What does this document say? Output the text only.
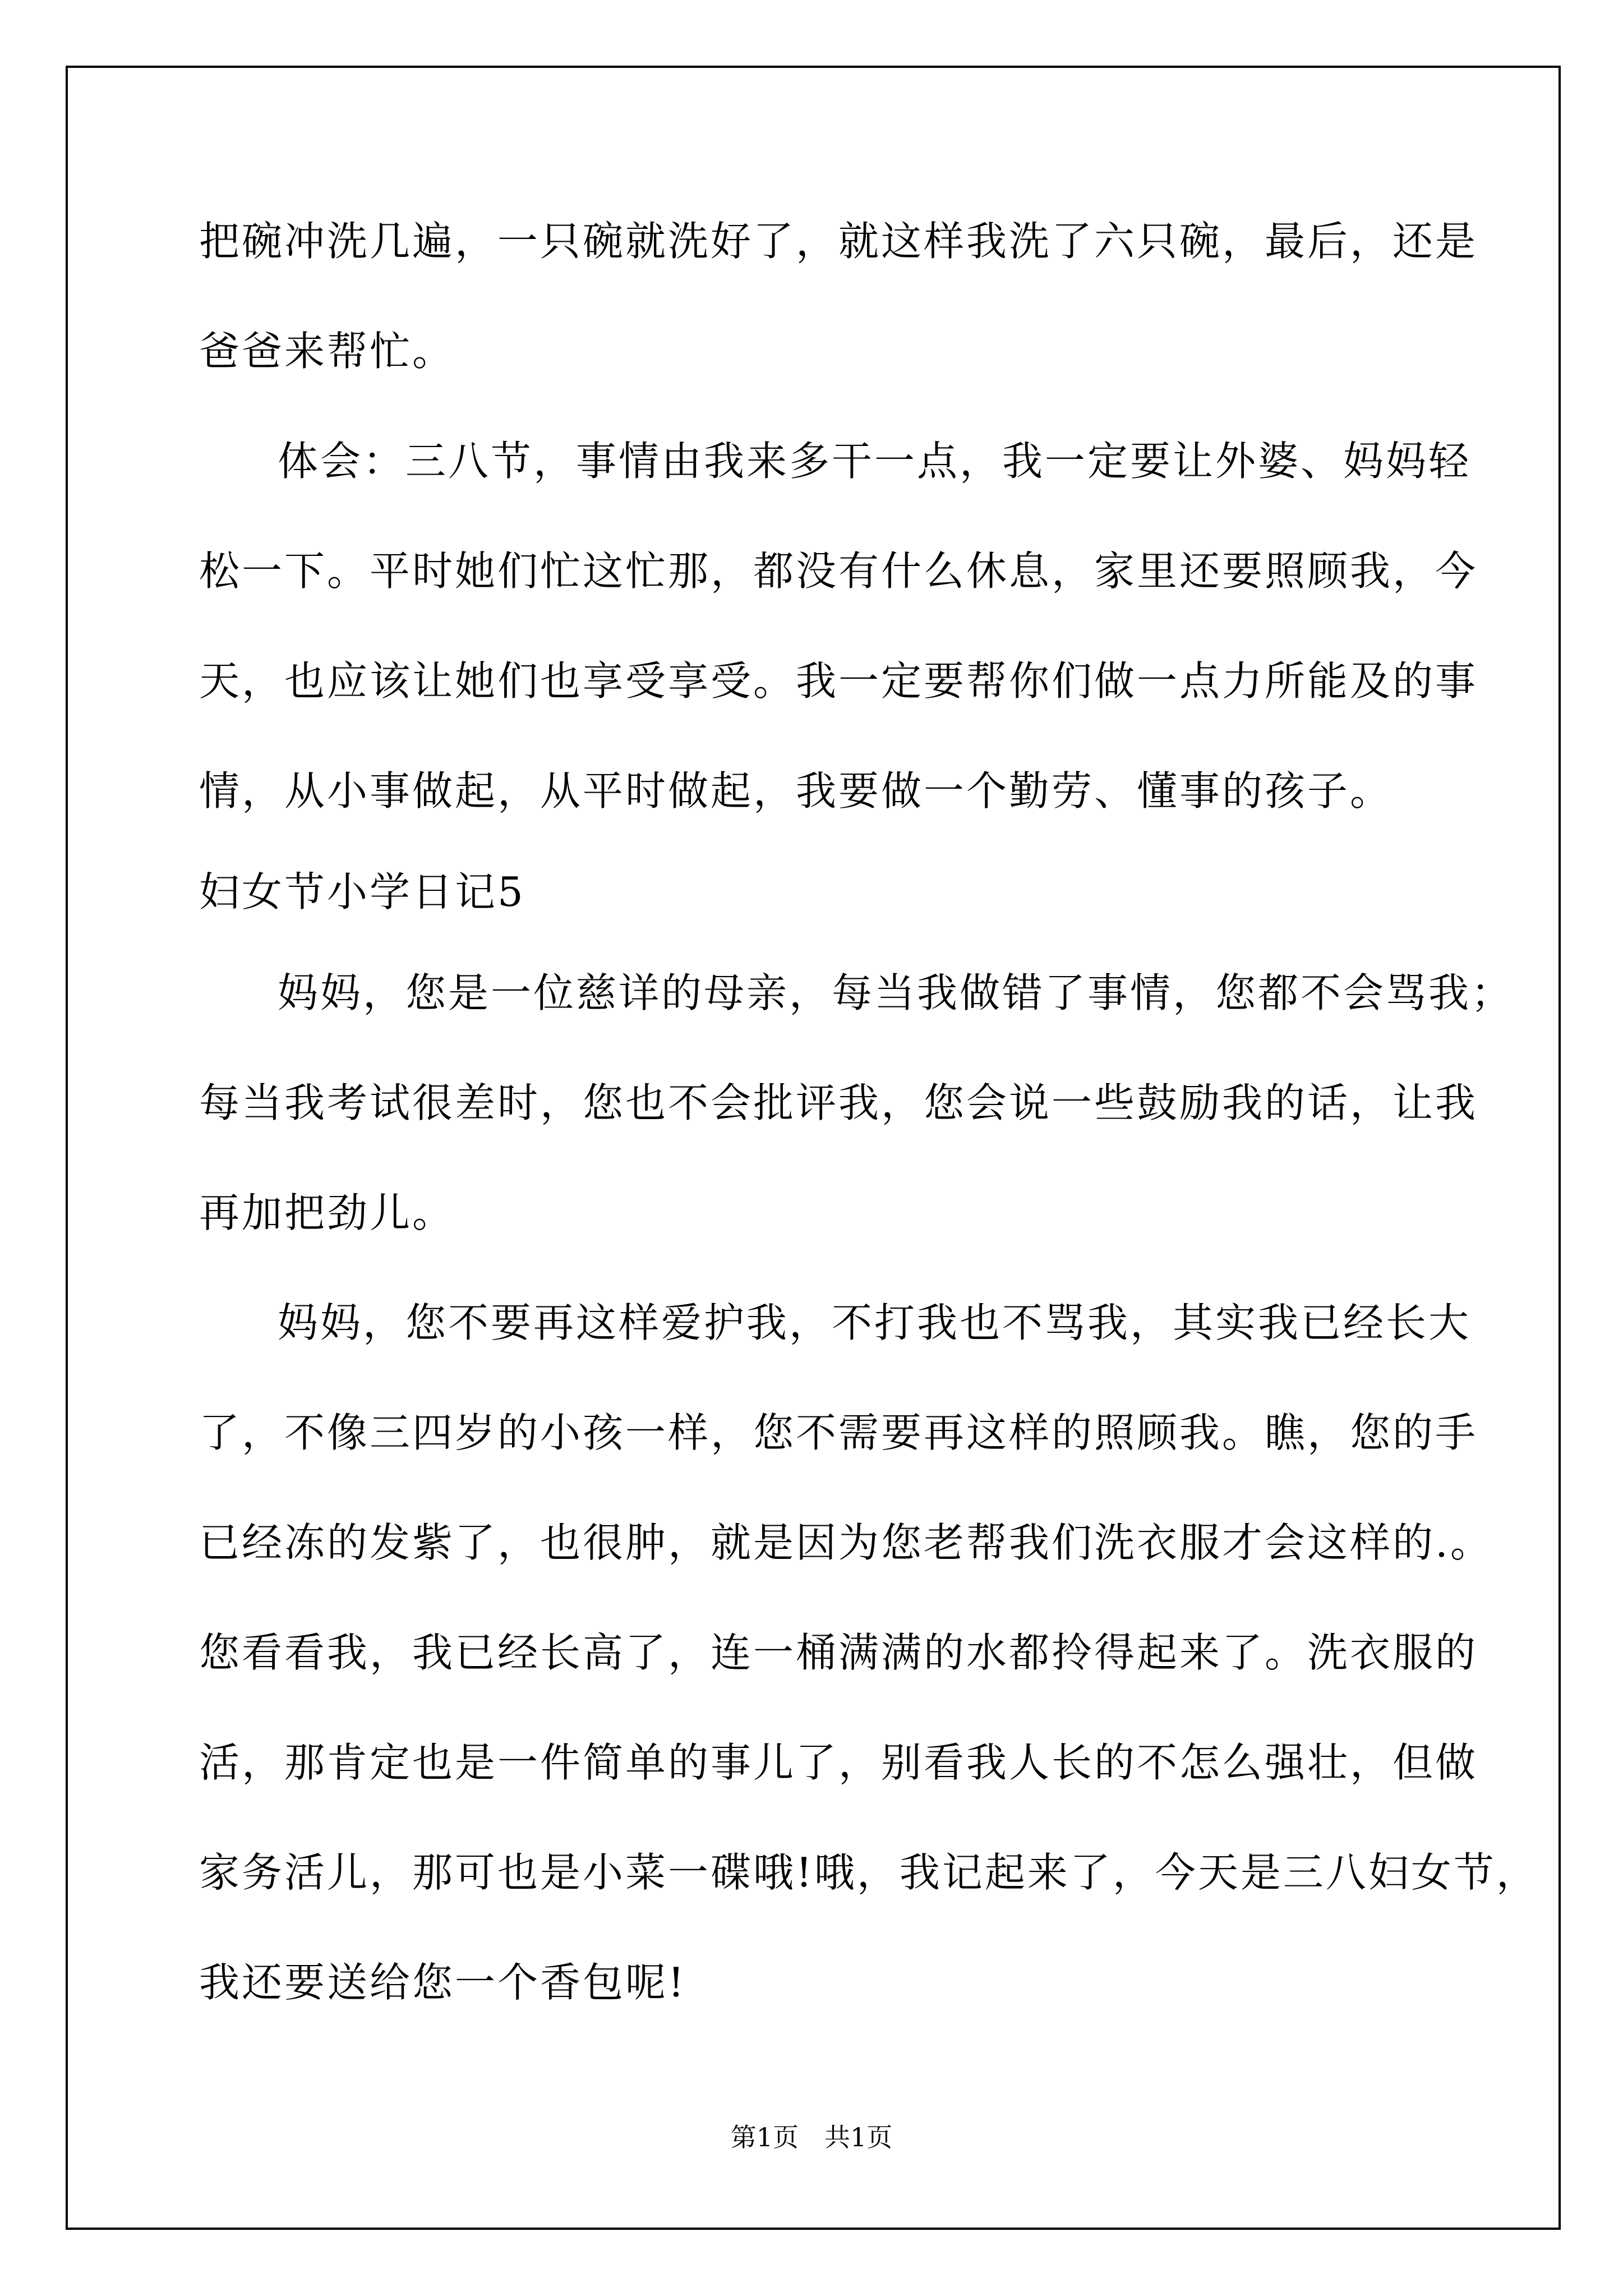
把碗冲洗几遍，一只碗就洗好了，就这样我洗了六只碗，最后，还是
爸爸来帮忙。
体会：三八节，事情由我来多干一点，我一定要让外婆、妈妈轻
松一下。平时她们忙这忙那，都没有什么休息，家里还要照顾我，今
天，也应该让她们也享受享受。我一定要帮你们做一点力所能及的事
情，从小事做起，从平时做起，我要做一个勤劳、懂事的孩子。
妇女节小学日记5
妈妈，您是一位慈详的母亲，每当我做错了事情，您都不会骂我；
每当我考试很差时，您也不会批评我，您会说一些鼓励我的话，让我
再加把劲儿。
妈妈，您不要再这样爱护我，不打我也不骂我，其实我已经长大
了，不像三四岁的小孩一样，您不需要再这样的照顾我。瞧，您的手
已经冻的发紫了，也很肿，就是因为您老帮我们洗衣服才会这样的.。
您看看我，我已经长高了，连一桶满满的水都拎得起来了。洗衣服的
活，那肯定也是一件简单的事儿了，别看我人长的不怎么强壮，但做
家务活儿，那可也是小菜一碟哦!哦，我记起来了，今天是三八妇女节，
我还要送给您一个香包呢!
第1页　共1页
